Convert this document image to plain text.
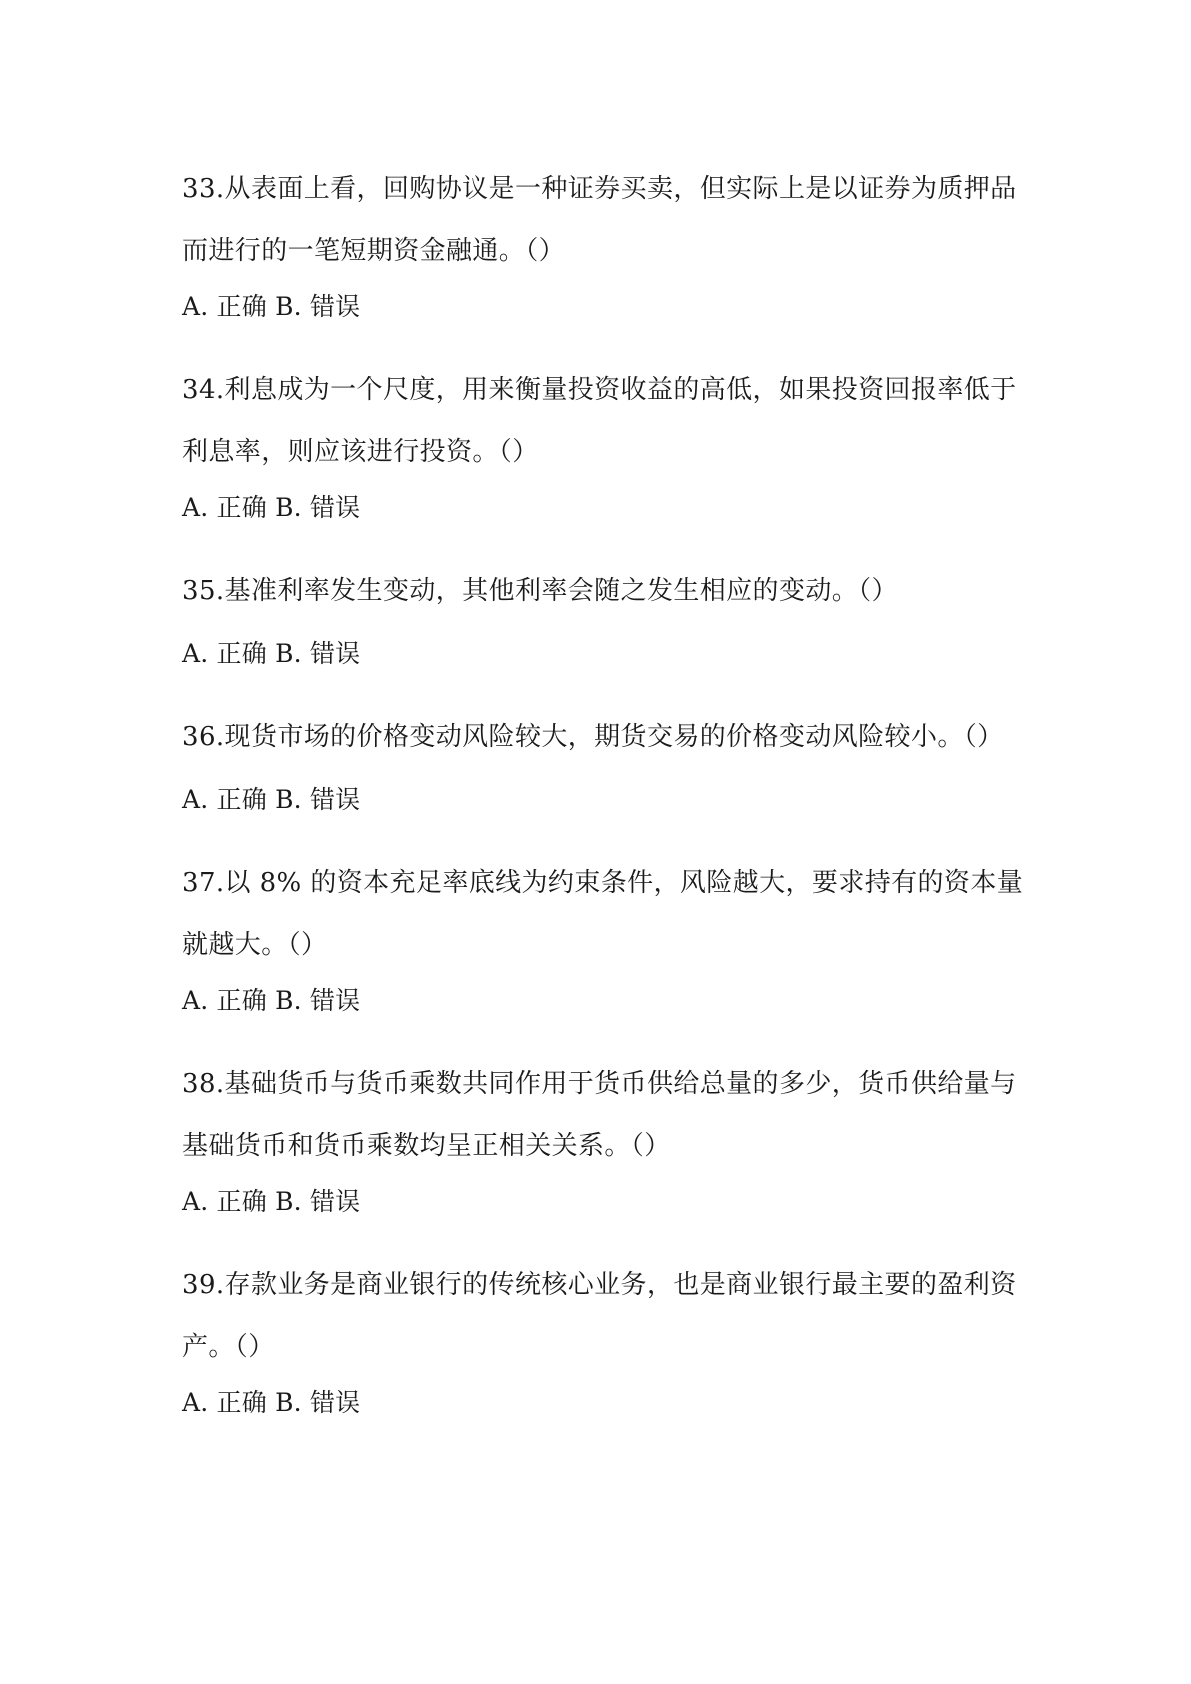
33.从表面上看，回购协议是一种证券买卖，但实际上是以证券为质押品

而进行的一笔短期资金融通。（）

A. 正确 B. 错误

34.利息成为一个尺度，用来衡量投资收益的高低，如果投资回报率低于

利息率，则应该进行投资。（）

A. 正确 B. 错误

35.基准利率发生变动，其他利率会随之发生相应的变动。（）

A. 正确 B. 错误

36.现货市场的价格变动风险较大，期货交易的价格变动风险较小。（）

A. 正确 B. 错误

37.以 8% 的资本充足率底线为约束条件，风险越大，要求持有的资本量

就越大。（）

A. 正确 B. 错误

38.基础货币与货币乘数共同作用于货币供给总量的多少，货币供给量与

基础货币和货币乘数均呈正相关关系。（）

A. 正确 B. 错误

39.存款业务是商业银行的传统核心业务，也是商业银行最主要的盈利资

产。（）

A. 正确 B. 错误
